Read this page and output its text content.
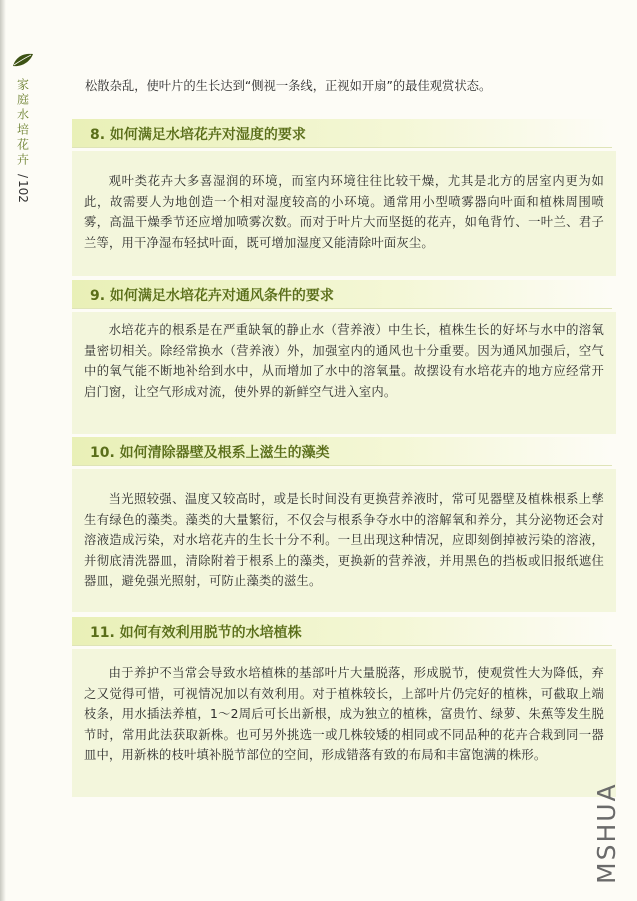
家庭水培花卉
/
102
松散杂乱，使叶片的生长达到“侧视一条线，正视如开扇”的最佳观赏状态。
8. 如何满足水培花卉对湿度的要求

观叶类花卉大多喜湿润的环境，而室内环境往往比较干燥，尤其是北方的居室内更为如此，故需要人为地创造一个相对湿度较高的小环境。通常用小型喷雾器向叶面和植株周围喷雾，高温干燥季节还应增加喷雾次数。而对于叶片大而坚挺的花卉，如龟背竹、一叶兰、君子兰等，用干净湿布轻拭叶面，既可增加湿度又能清除叶面灰尘。

9. 如何满足水培花卉对通风条件的要求

水培花卉的根系是在严重缺氧的静止水（营养液）中生长，植株生长的好坏与水中的溶氧量密切相关。除经常换水（营养液）外，加强室内的通风也十分重要。因为通风加强后，空气中的氧气能不断地补给到水中，从而增加了水中的溶氧量。故摆设有水培花卉的地方应经常开启门窗，让空气形成对流，使外界的新鲜空气进入室内。

10. 如何清除器壁及根系上滋生的藻类

当光照较强、温度又较高时，或是长时间没有更换营养液时，常可见器壁及植株根系上孳生有绿色的藻类。藻类的大量繁衍，不仅会与根系争夺水中的溶解氧和养分，其分泌物还会对溶液造成污染，对水培花卉的生长十分不利。一旦出现这种情况，应即刻倒掉被污染的溶液，并彻底清洗器皿，清除附着于根系上的藻类，更换新的营养液，并用黑色的挡板或旧报纸遮住器皿，避免强光照射，可防止藻类的滋生。

11. 如何有效利用脱节的水培植株

由于养护不当常会导致水培植株的基部叶片大量脱落，形成脱节，使观赏性大为降低，弃之又觉得可惜，可视情况加以有效利用。对于植株较长，上部叶片仍完好的植株，可截取上端枝条，用水插法养植，1～2周后可长出新根，成为独立的植株，富贵竹、绿萝、朱蕉等发生脱节时，常用此法获取新株。也可另外挑选一或几株较矮的相同或不同品种的花卉合栽到同一器皿中，用新株的枝叶填补脱节部位的空间，形成错落有致的布局和丰富饱满的株形。

MSHUA
